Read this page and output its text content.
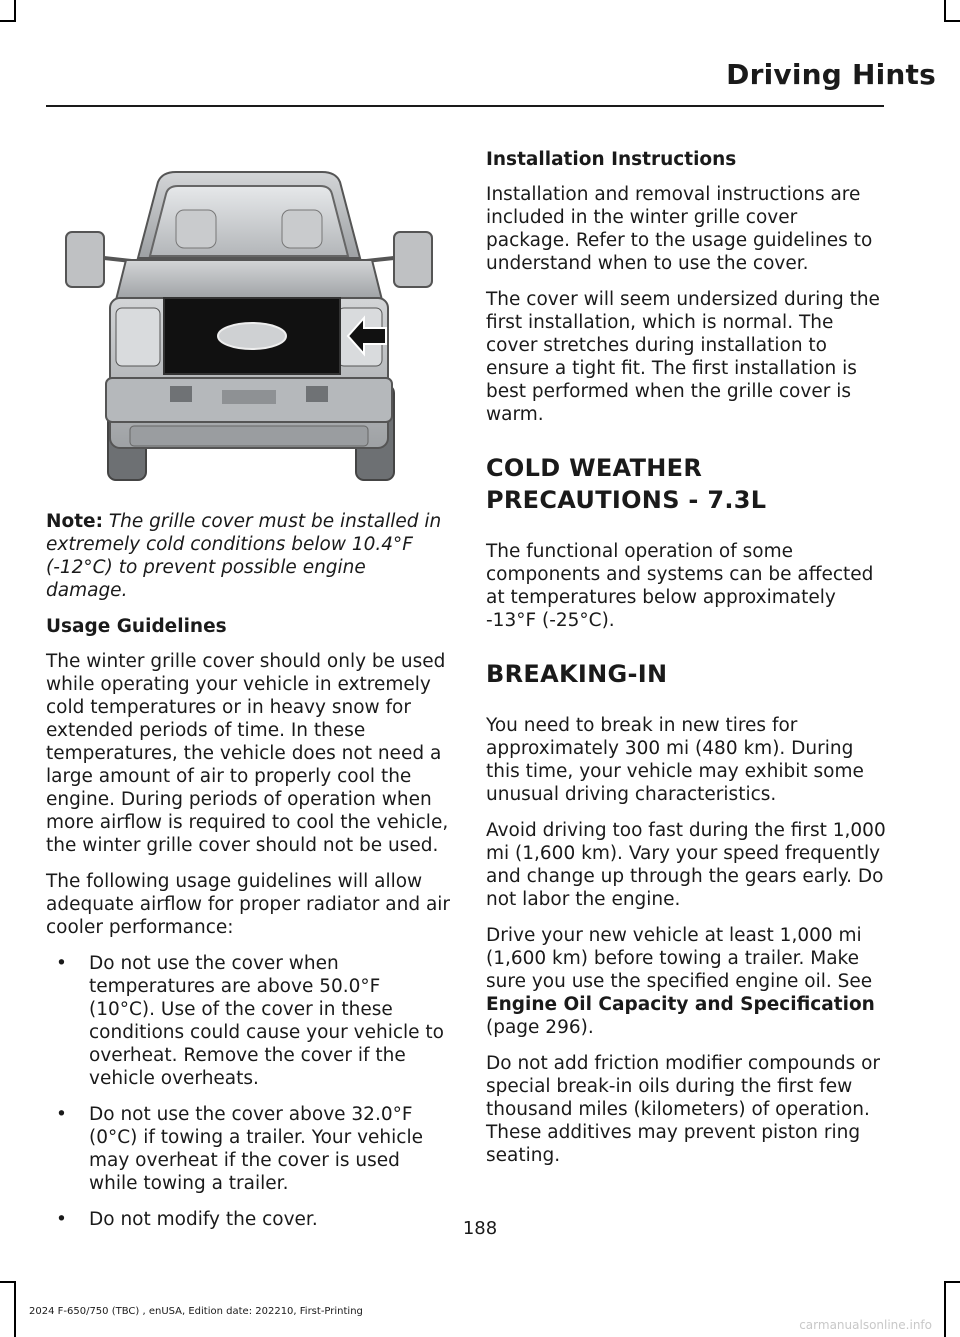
Driving Hints

Note: The grille cover must be installed in extremely cold conditions below 10.4°F (-12°C) to prevent possible engine damage.

Usage Guidelines

The winter grille cover should only be used while operating your vehicle in extremely cold temperatures or in heavy snow for extended periods of time. In these temperatures, the vehicle does not need a large amount of air to properly cool the engine. During periods of operation when more airflow is required to cool the vehicle, the winter grille cover should not be used.

The following usage guidelines will allow adequate airflow for proper radiator and air cooler performance:

• Do not use the cover when temperatures are above 50.0°F (10°C). Use of the cover in these conditions could cause your vehicle to overheat. Remove the cover if the vehicle overheats.
• Do not use the cover above 32.0°F (0°C) if towing a trailer. Your vehicle may overheat if the cover is used while towing a trailer.
• Do not modify the cover.
Installation Instructions

Installation and removal instructions are included in the winter grille cover package. Refer to the usage guidelines to understand when to use the cover.

The cover will seem undersized during the first installation, which is normal. The cover stretches during installation to ensure a tight fit. The first installation is best performed when the grille cover is warm.

COLD WEATHER PRECAUTIONS - 7.3L

The functional operation of some components and systems can be affected at temperatures below approximately -13°F (-25°C).

BREAKING-IN

You need to break in new tires for approximately 300 mi (480 km). During this time, your vehicle may exhibit some unusual driving characteristics.

Avoid driving too fast during the first 1,000 mi (1,600 km). Vary your speed frequently and change up through the gears early. Do not labor the engine.

Drive your new vehicle at least 1,000 mi (1,600 km) before towing a trailer. Make sure you use the specified engine oil. See Engine Oil Capacity and Specification (page 296).

Do not add friction modifier compounds or special break-in oils during the first few thousand miles (kilometers) of operation. These additives may prevent piston ring seating.

188
2024 F-650/750 (TBC) , enUSA, Edition date: 202210, First-Printing
carmanualsonline.info
